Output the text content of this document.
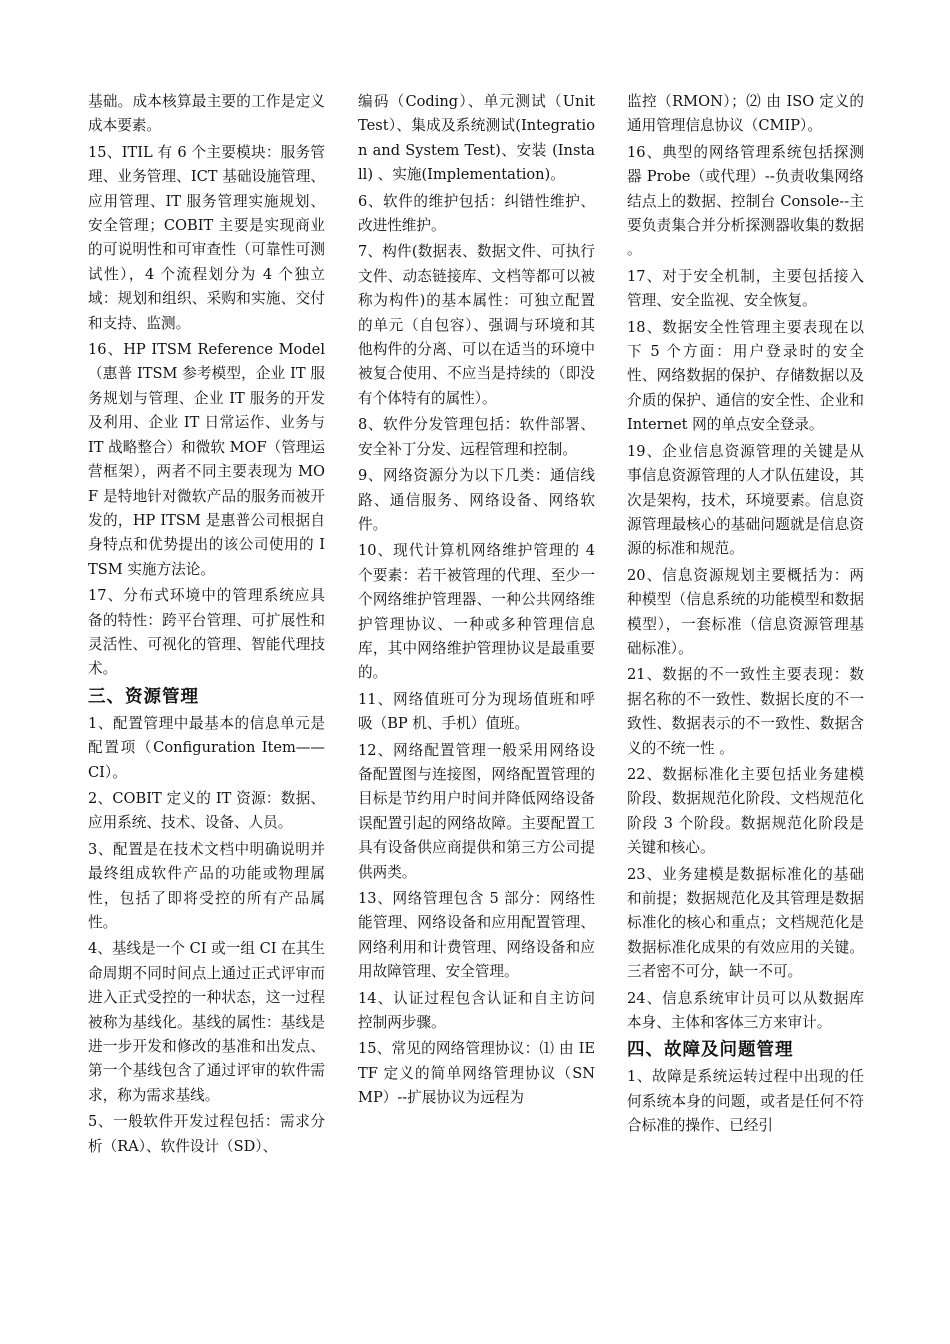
基础。成本核算最主要的工作是定义成本要素。
15、ITIL 有 6 个主要模块：服务管理、业务管理、ICT 基础设施管理、应用管理、IT 服务管理实施规划、安全管理；COBIT 主要是实现商业的可说明性和可审查性（可靠性可测试性），4 个流程划分为 4 个独立域：规划和组织、采购和实施、交付和支持、监测。
16、HP ITSM Reference Model（惠普 ITSM 参考模型，企业 IT 服务规划与管理、企业 IT 服务的开发及利用、企业 IT 日常运作、业务与 IT 战略整合）和微软 MOF（管理运营框架），两者不同主要表现为 MOF 是特地针对微软产品的服务而被开发的，HP ITSM 是惠普公司根据自身特点和优势提出的该公司使用的 ITSM 实施方法论。
17、分布式环境中的管理系统应具备的特性：跨平台管理、可扩展性和灵活性、可视化的管理、智能代理技术。
三、资源管理
1、配置管理中最基本的信息单元是配置项（Configuration Item——CI）。
2、COBIT 定义的 IT 资源：数据、应用系统、技术、设备、人员。
3、配置是在技术文档中明确说明并最终组成软件产品的功能或物理属性，包括了即将受控的所有产品属性。
4、基线是一个 CI 或一组 CI 在其生命周期不同时间点上通过正式评审而进入正式受控的一种状态，这一过程被称为基线化。基线的属性：基线是进一步开发和修改的基准和出发点、第一个基线包含了通过评审的软件需求，称为需求基线。
5、一般软件开发过程包括：需求分析（RA）、软件设计（SD）、
编码（Coding）、单元测试（Unit Test）、集成及系统测试(Integration and System Test)、安装 (Install) 、实施(Implementation)。
6、软件的维护包括：纠错性维护、改进性维护。
7、构件(数据表、数据文件、可执行文件、动态链接库、文档等都可以被称为构件)的基本属性：可独立配置的单元（自包容）、强调与环境和其他构件的分离、可以在适当的环境中被复合使用、不应当是持续的（即没有个体特有的属性）。
8、软件分发管理包括：软件部署、安全补丁分发、远程管理和控制。
9、网络资源分为以下几类：通信线路、通信服务、网络设备、网络软件。
10、现代计算机网络维护管理的 4 个要素：若干被管理的代理、至少一个网络维护管理器、一种公共网络维护管理协议、一种或多种管理信息库，其中网络维护管理协议是最重要的。
11、网络值班可分为现场值班和呼吸（BP 机、手机）值班。
12、网络配置管理一般采用网络设备配置图与连接图，网络配置管理的目标是节约用户时间并降低网络设备误配置引起的网络故障。主要配置工具有设备供应商提供和第三方公司提供两类。
13、网络管理包含 5 部分：网络性能管理、网络设备和应用配置管理、网络利用和计费管理、网络设备和应用故障管理、安全管理。
14、认证过程包含认证和自主访问控制两步骤。
15、常见的网络管理协议：⑴ 由 IETF 定义的简单网络管理协议（SNMP）--扩展协议为远程为
监控（RMON）；⑵ 由 ISO 定义的通用管理信息协议（CMIP）。
16、典型的网络管理系统包括探测器 Probe（或代理）--负责收集网络结点上的数据、控制台 Console--主要负责集合并分析探测器收集的数据 。
17、对于安全机制，主要包括接入管理、安全监视、安全恢复。
18、数据安全性管理主要表现在以下 5 个方面：用户登录时的安全性、网络数据的保护、存储数据以及介质的保护、通信的安全性、企业和 Internet 网的单点安全登录。
19、企业信息资源管理的关键是从事信息资源管理的人才队伍建设，其次是架构，技术，环境要素。信息资源管理最核心的基础问题就是信息资源的标准和规范。
20、信息资源规划主要概括为：两种模型（信息系统的功能模型和数据模型），一套标准（信息资源管理基础标准）。
21、数据的不一致性主要表现：数据名称的不一致性、数据长度的不一致性、数据表示的不一致性、数据含义的不统一性 。
22、数据标准化主要包括业务建模阶段、数据规范化阶段、文档规范化阶段 3 个阶段。数据规范化阶段是关键和核心。
23、业务建模是数据标准化的基础和前提；数据规范化及其管理是数据标准化的核心和重点；文档规范化是数据标准化成果的有效应用的关键。三者密不可分，缺一不可。
24、信息系统审计员可以从数据库本身、主体和客体三方来审计。
四、故障及问题管理
1、故障是系统运转过程中出现的任何系统本身的问题，或者是任何不符合标准的操作、已经引
